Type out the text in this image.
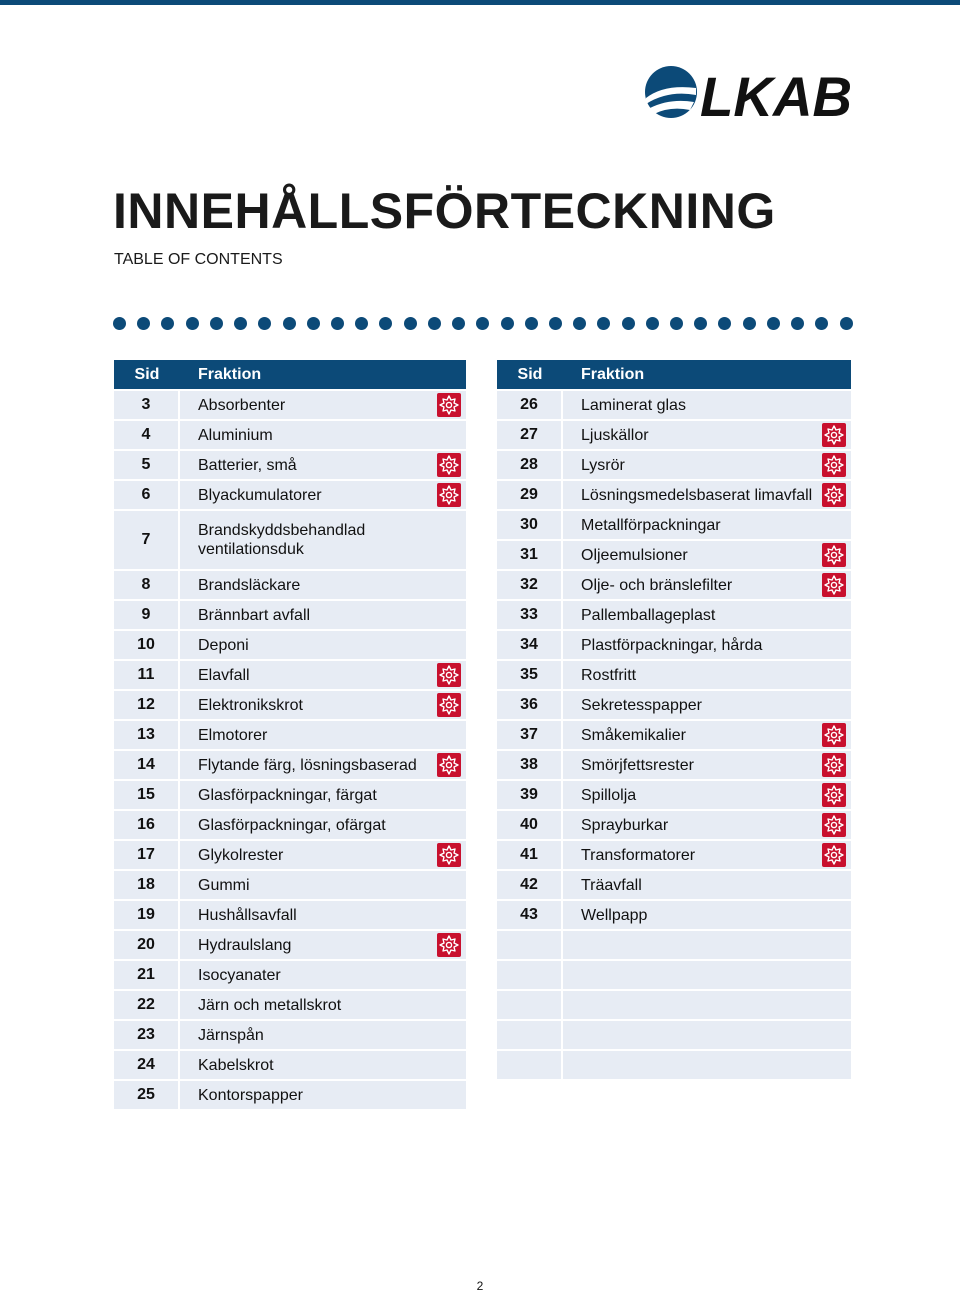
LKAB
INNEHÅLLSFÖRTECKNING
TABLE OF CONTENTS
Sid	Fraktion	
3	Absorbenter	
4	Aluminium	
5	Batterier, små	
6	Blyackumulatorer	
7	Brandskyddsbehandlad ventilationsduk	
8	Brandsläckare	
9	Brännbart avfall	
10	Deponi	
11	Elavfall	
12	Elektronikskrot	
13	Elmotorer	
14	Flytande färg, lösningsbaserad	
15	Glasförpackningar, färgat	
16	Glasförpackningar, ofärgat	
17	Glykolrester	
18	Gummi	
19	Hushållsavfall	
20	Hydraulslang	
21	Isocyanater	
22	Järn och metallskrot	
23	Järnspån	
24	Kabelskrot	
25	Kontorspapper	
Sid	Fraktion	
26	Laminerat glas	
27	Ljuskällor	
28	Lysrör	
29	Lösningsmedelsbaserat limavfall	
30	Metallförpackningar	
31	Oljeemulsioner	
32	Olje- och bränslefilter	
33	Pallemballageplast	
34	Plastförpackningar, hårda	
35	Rostfritt	
36	Sekretesspapper	
37	Småkemikalier	
38	Smörjfettsrester	
39	Spillolja	
40	Sprayburkar	
41	Transformatorer	
42	Träavfall	
43	Wellpapp	

2
